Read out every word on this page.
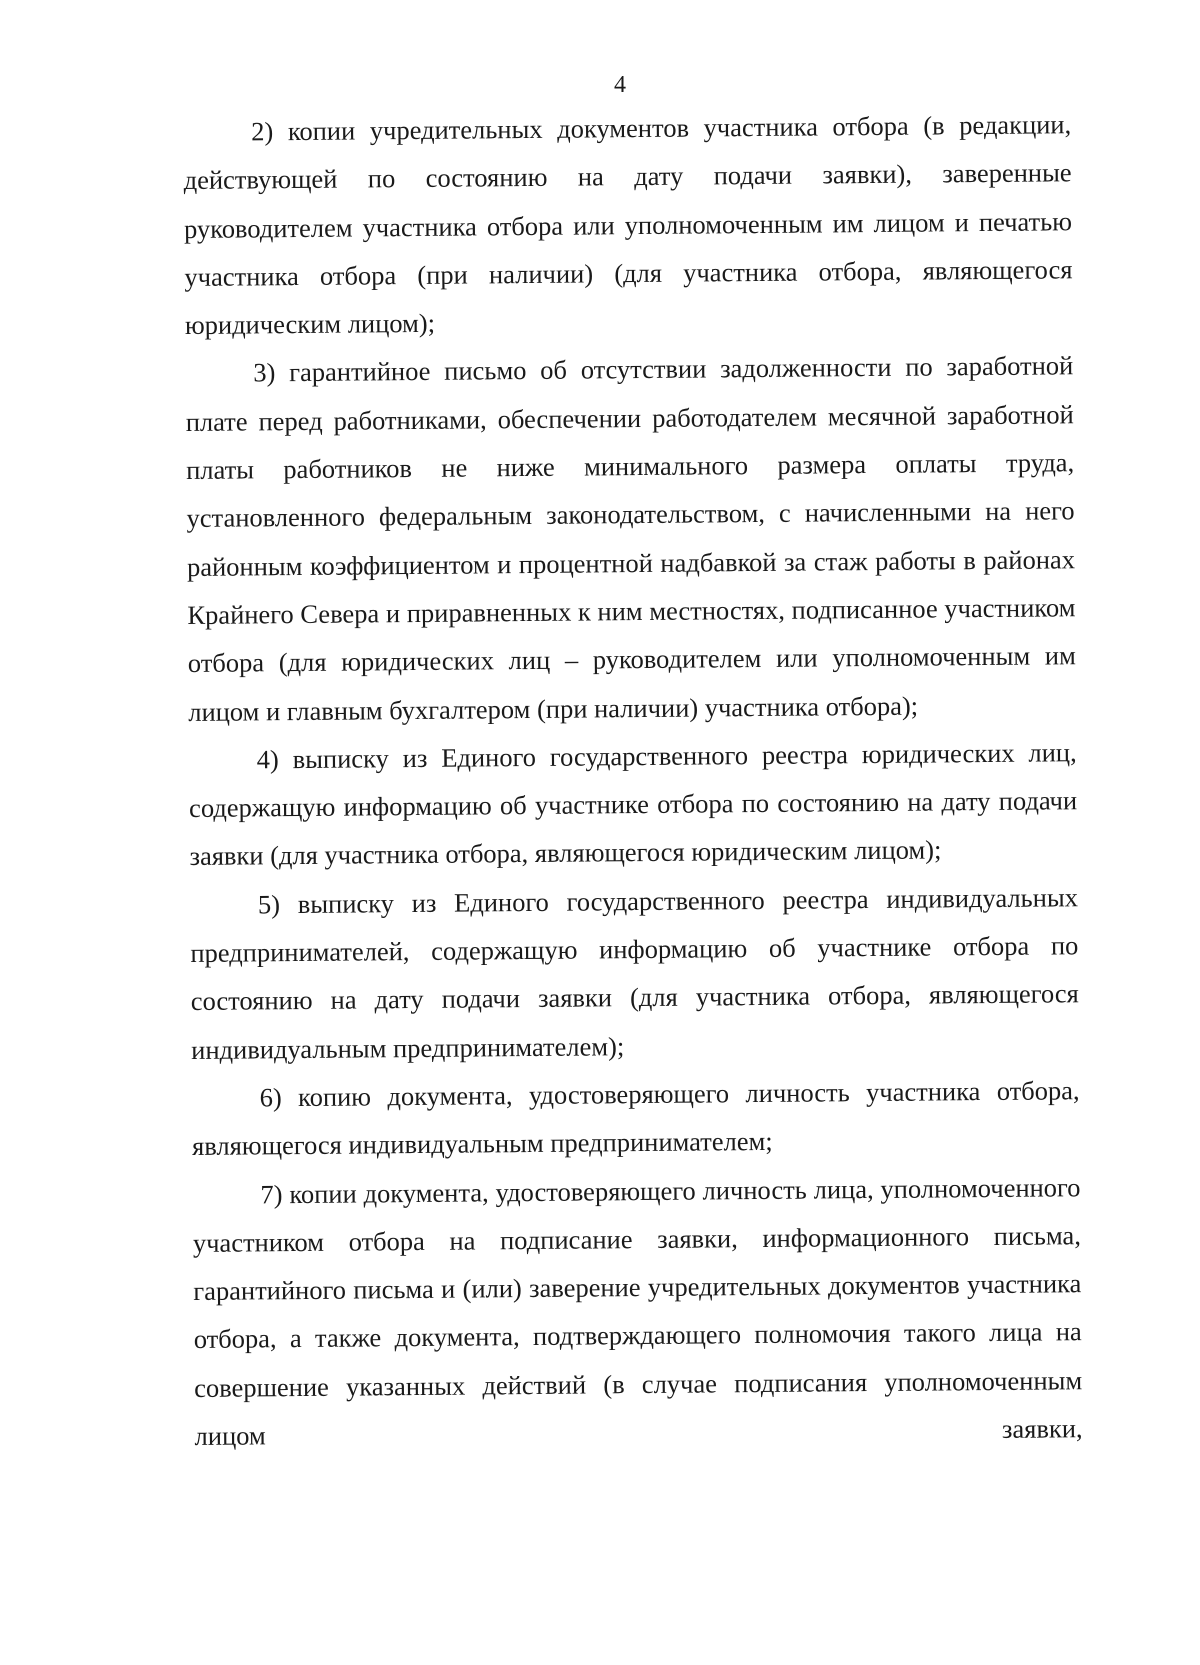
4

2) копии учредительных документов участника отбора (в редакции, действующей по состоянию на дату подачи заявки), заверенные руководителем участника отбора или уполномоченным им лицом и печатью участника отбора (при наличии) (для участника отбора, являющегося юридическим лицом);

3) гарантийное письмо об отсутствии задолженности по заработной плате перед работниками, обеспечении работодателем месячной заработной платы работников не ниже минимального размера оплаты труда, установленного федеральным законодательством, с начисленными на него районным коэффициентом и процентной надбавкой за стаж работы в районах Крайнего Севера и приравненных к ним местностях, подписанное участником отбора (для юридических лиц – руководителем или уполномоченным им лицом и главным бухгалтером (при наличии) участника отбора);

4) выписку из Единого государственного реестра юридических лиц, содержащую информацию об участнике отбора по состоянию на дату подачи заявки (для участника отбора, являющегося юридическим лицом);

5) выписку из Единого государственного реестра индивидуальных предпринимателей, содержащую информацию об участнике отбора по состоянию на дату подачи заявки (для участника отбора, являющегося индивидуальным предпринимателем);

6) копию документа, удостоверяющего личность участника отбора, являющегося индивидуальным предпринимателем;

7) копии документа, удостоверяющего личность лица, уполномоченного участником отбора на подписание заявки, информационного письма, гарантийного письма и (или) заверение учредительных документов участника отбора, а также документа, подтверждающего полномочия такого лица на совершение указанных действий (в случае подписания уполномоченным лицом заявки,
